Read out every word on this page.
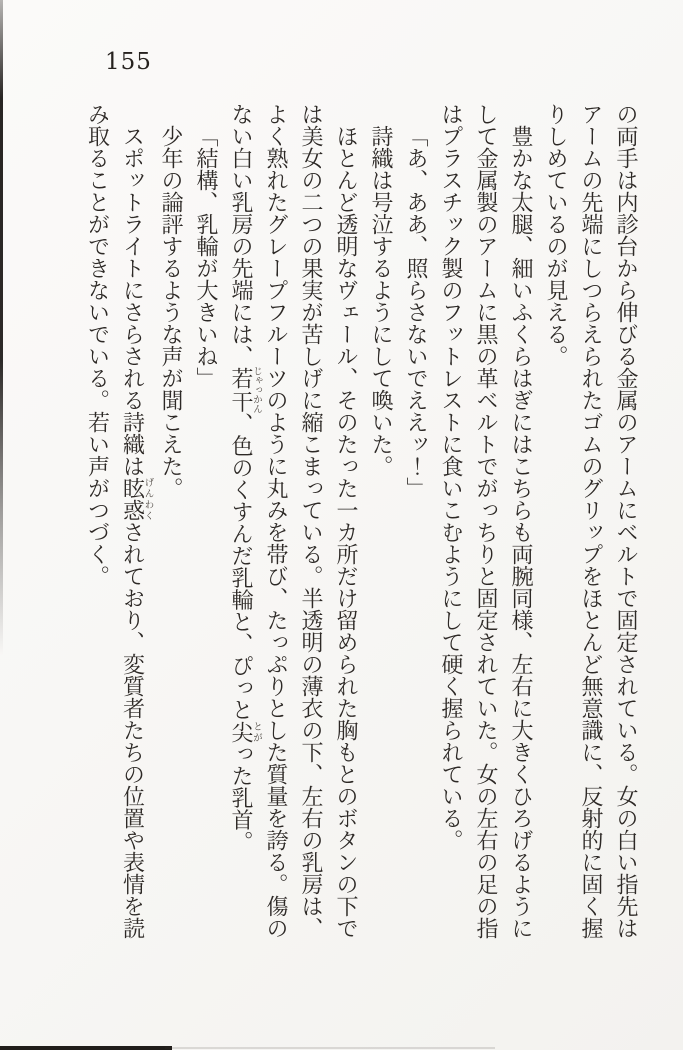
155

の両手は内診台から伸びる金属のアームにベルトで固定されている。女の白い指先はアームの先端にしつらえられたゴムのグリップをほとんど無意識に、反射的に固く握りしめているのが見える。

豊かな太腿、細いふくらはぎにはこちらも両腕同様、左右に大きくひろげるようにして金属製のアームに黒の革ベルトでがっちりと固定されていた。女の左右の足の指はプラスチック製のフットレストに食いこむようにして硬く握られている。

「あ、ああ、照らさないでええッ！」

詩織は号泣するようにして喚いた。

ほとんど透明なヴェール、そのたった一カ所だけ留められた胸もとのボタンの下では美女の二つの果実が苦しげに縮こまっている。半透明の薄衣の下、左右の乳房は、よく熟れたグレープフルーツのように丸みを帯び、たっぷりとした質量を誇る。傷のない白い乳房の先端には、若干じゃっかん、色のくすんだ乳輪と、ぴっと尖とがった乳首。

「結構、乳輪が大きいね」

少年の論評するような声が聞こえた。

スポットライトにさらされる詩織は眩惑げんわくされており、変質者たちの位置や表情を読み取ることができないでいる。若い声がつづく。
